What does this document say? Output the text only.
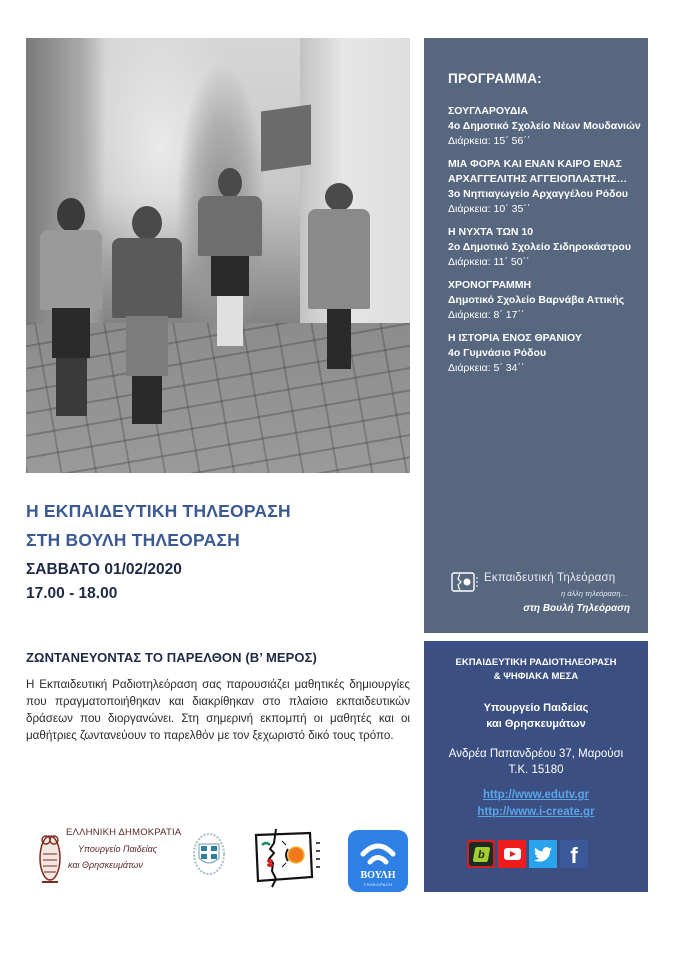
ΠΡΟΓΡΑΜΜΑ:
ΣΟΥΓΛΑΡΟΥΔΙΑ
4ο Δημοτικό Σχολείο Νέων Μουδανιών
Διάρκεια: 15΄ 56΄΄
ΜΙΑ ΦΟΡΑ ΚΑΙ ΕΝΑΝ ΚΑΙΡΟ ΕΝΑΣ ΑΡΧΑΓΓΕΛΙΤΗΣ ΑΓΓΕΙΟΠΛΑΣΤΗΣ…
3ο Νηπιαγωγείο Αρχαγγέλου Ρόδου
Διάρκεια: 10΄ 35΄΄
Η ΝΥΧΤΑ ΤΩΝ 10
2ο Δημοτικό Σχολείο Σιδηροκάστρου
Διάρκεια: 11΄ 50΄΄
ΧΡΟΝΟΓΡΑΜΜΗ
Δημοτικό Σχολείο Βαρνάβα Αττικής
Διάρκεια: 8΄ 17΄΄
Η ΙΣΤΟΡΙΑ ΕΝΟΣ ΘΡΑΝΙΟΥ
4ο Γυμνάσιο Ρόδου
Διάρκεια: 5΄ 34΄΄
Εκπαιδευτική Τηλεόραση
η άλλη τηλεόραση…
στη Βουλή Τηλεόραση
Η ΕΚΠΑΙΔΕΥΤΙΚΗ ΤΗΛΕΟΡΑΣΗ
ΣΤΗ ΒΟΥΛΗ ΤΗΛΕΟΡΑΣΗ
ΣΑΒΒΑΤΟ 01/02/2020
17.00 - 18.00
ΖΩΝΤΑΝΕΥΟΝΤΑΣ ΤΟ ΠΑΡΕΛΘΟΝ (Β’ ΜΕΡΟΣ)
Η Εκπαιδευτική Ραδιοτηλεόραση σας παρουσιάζει μαθητικές δημιουργίες που πραγματοποιήθηκαν και διακρίθηκαν στο πλαίσιο εκπαιδευτικών δράσεων που διοργανώνει. Στη σημερινή εκπομπή οι μαθητές και οι μαθήτριες ζωντανεύουν το παρελθόν με τον ξεχωριστό δικό τους τρόπο.
ΕΚΠΑΙΔΕΥΤΙΚΗ ΡΑΔΙΟΤΗΛΕΟΡΑΣΗ
& ΨΗΦΙΑΚΑ ΜΕΣΑ
Υπουργείο Παιδείας
και Θρησκευμάτων
Ανδρέα Παπανδρέου 37, Μαρούσι
Τ.Κ. 15180
http://www.edutv.gr
http://www.i-create.gr
b	f
ΕΛΛΗΝΙΚΗ ΔΗΜΟΚΡΑΤΙΑ
Υπουργείο Παιδείας
και Θρησκευμάτων
ΒΟΥΛΗ
ΤΗΛΕΟΡΑΣΗ
